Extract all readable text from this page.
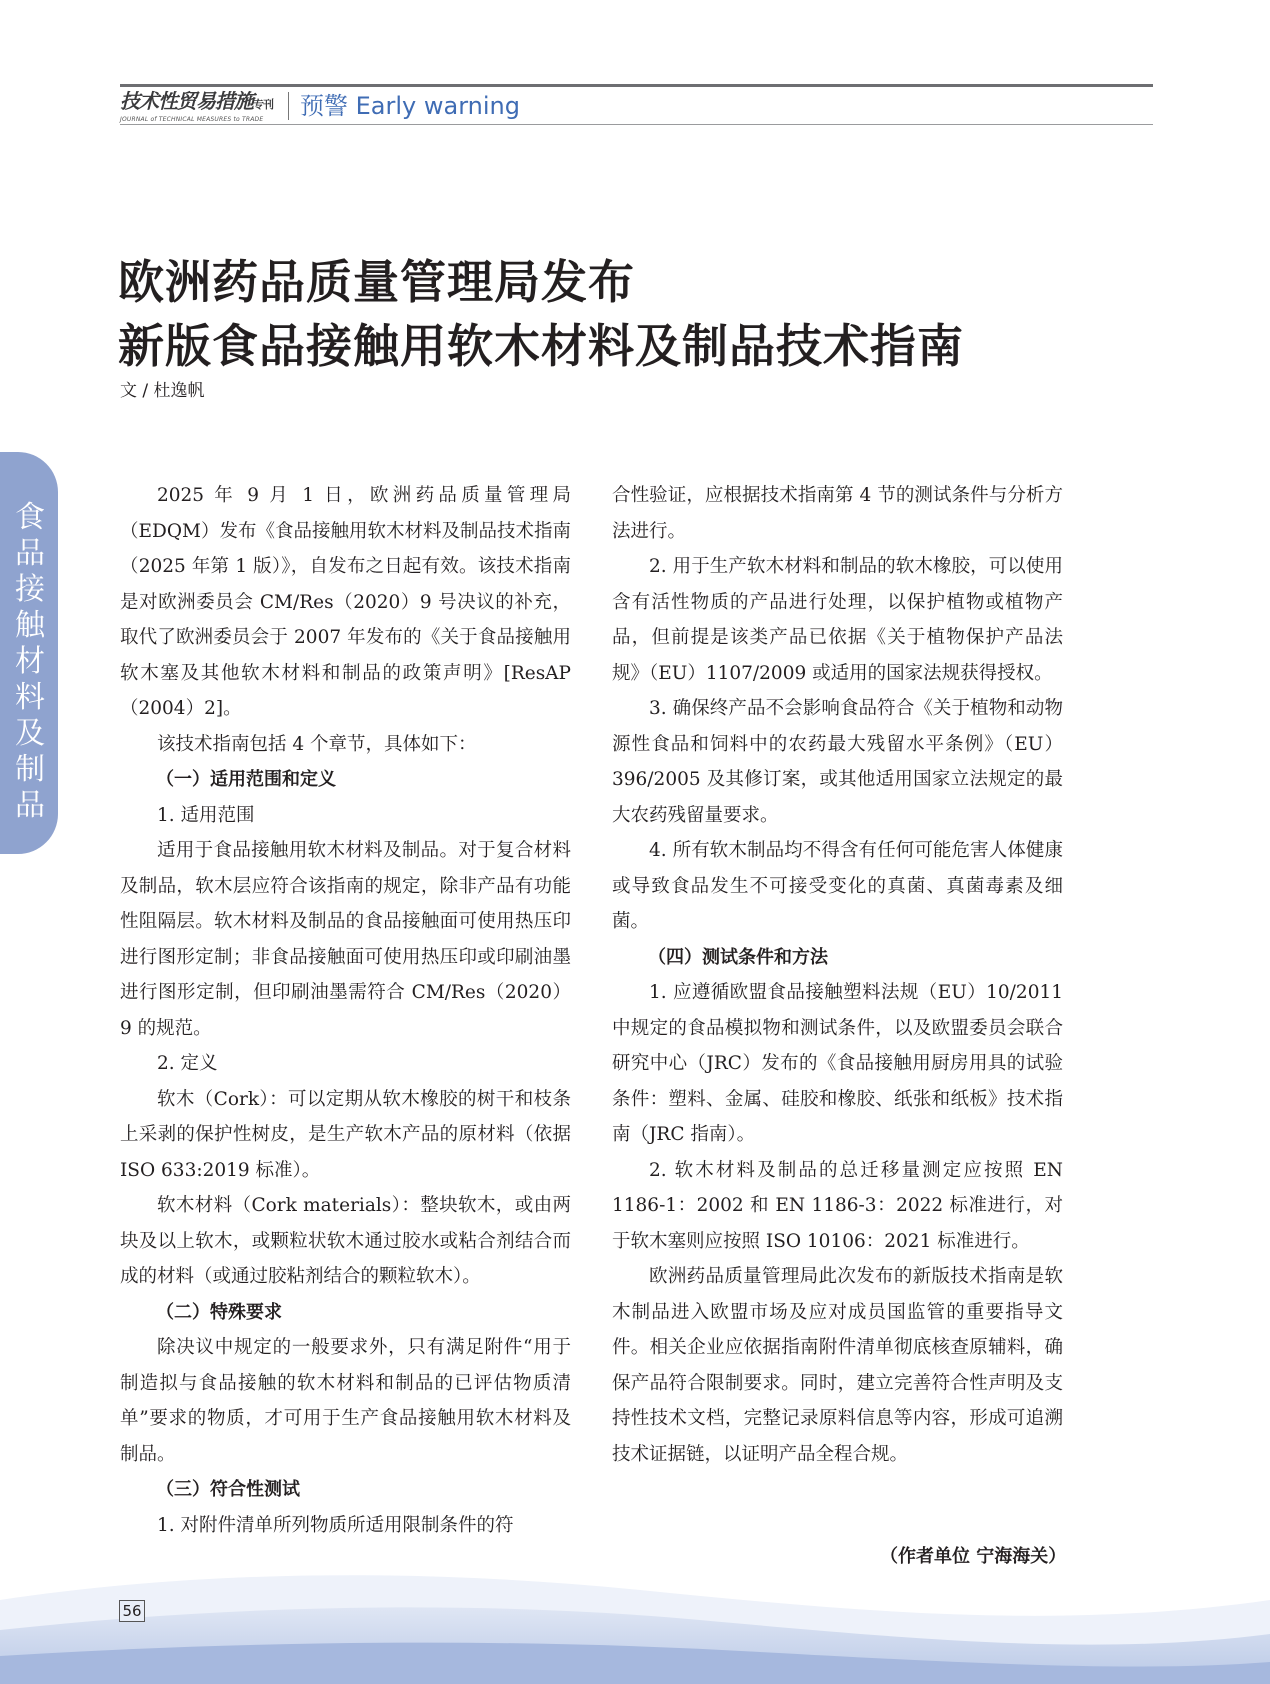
技术性贸易措施专刊
JOURNAL of TECHNICAL MEASURES to TRADE	预警 Early warning
欧洲药品质量管理局发布
新版食品接触用软木材料及制品技术指南
文 / 杜逸帆
食
品
接
触
材
料
及
制
品

2025 年 9 月 1 日，欧洲药品质量管理局（EDQM）发布《食品接触用软木材料及制品技术指南（2025 年第 1 版）》，自发布之日起有效。该技术指南是对欧洲委员会 CM/Res（2020）9 号决议的补充，取代了欧洲委员会于 2007 年发布的《关于食品接触用软木塞及其他软木材料和制品的政策声明》[ResAP（2004）2]。

该技术指南包括 4 个章节，具体如下：

（一）适用范围和定义

1. 适用范围

适用于食品接触用软木材料及制品。对于复合材料及制品，软木层应符合该指南的规定，除非产品有功能性阻隔层。软木材料及制品的食品接触面可使用热压印进行图形定制；非食品接触面可使用热压印或印刷油墨进行图形定制，但印刷油墨需符合 CM/Res（2020）9 的规范。

2. 定义

软木（Cork）：可以定期从软木橡胶的树干和枝条上采剥的保护性树皮，是生产软木产品的原材料（依据 ISO 633:2019 标准）。

软木材料（Cork materials）：整块软木，或由两块及以上软木，或颗粒状软木通过胶水或粘合剂结合而成的材料（或通过胶粘剂结合的颗粒软木）。

（二）特殊要求

除决议中规定的一般要求外，只有满足附件“用于制造拟与食品接触的软木材料和制品的已评估物质清单”要求的物质，才可用于生产食品接触用软木材料及制品。

（三）符合性测试

1. 对附件清单所列物质所适用限制条件的符

合性验证，应根据技术指南第 4 节的测试条件与分析方法进行。

2. 用于生产软木材料和制品的软木橡胶，可以使用含有活性物质的产品进行处理，以保护植物或植物产品，但前提是该类产品已依据《关于植物保护产品法规》（EU）1107/2009 或适用的国家法规获得授权。

3. 确保终产品不会影响食品符合《关于植物和动物源性食品和饲料中的农药最大残留水平条例》（EU）396/2005 及其修订案，或其他适用国家立法规定的最大农药残留量要求。

4. 所有软木制品均不得含有任何可能危害人体健康或导致食品发生不可接受变化的真菌、真菌毒素及细菌。

（四）测试条件和方法

1. 应遵循欧盟食品接触塑料法规（EU）10/2011 中规定的食品模拟物和测试条件，以及欧盟委员会联合研究中心（JRC）发布的《食品接触用厨房用具的试验条件：塑料、金属、硅胶和橡胶、纸张和纸板》技术指南（JRC 指南）。

2. 软木材料及制品的总迁移量测定应按照 EN 1186-1：2002 和 EN 1186-3：2022 标准进行，对于软木塞则应按照 ISO 10106：2021 标准进行。

欧洲药品质量管理局此次发布的新版技术指南是软木制品进入欧盟市场及应对成员国监管的重要指导文件。相关企业应依据指南附件清单彻底核查原辅料，确保产品符合限制要求。同时，建立完善符合性声明及支持性技术文档，完整记录原料信息等内容，形成可追溯技术证据链，以证明产品全程合规。

（作者单位 宁海海关）
56
